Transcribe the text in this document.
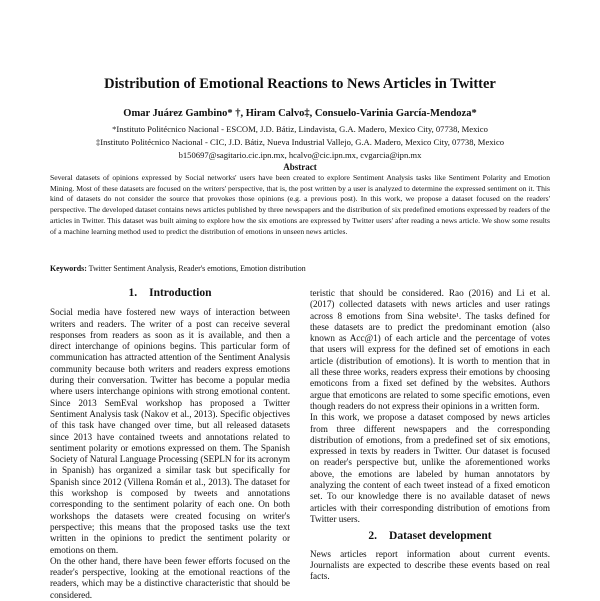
Distribution of Emotional Reactions to News Articles in Twitter
Omar Juárez Gambino* †, Hiram Calvo‡, Consuelo-Varinia García-Mendoza*
*Instituto Politécnico Nacional - ESCOM, J.D. Bátiz, Lindavista, G.A. Madero, Mexico City, 07738, Mexico
‡Instituto Politécnico Nacional - CIC, J.D. Bátiz, Nueva Industrial Vallejo, G.A. Madero, Mexico City, 07738, Mexico
b150697@sagitario.cic.ipn.mx, hcalvo@cic.ipn.mx, cvgarcia@ipn.mx
Abstract
Several datasets of opinions expressed by Social networks' users have been created to explore Sentiment Analysis tasks like Sentiment Polarity and Emotion Mining. Most of these datasets are focused on the writers' perspective, that is, the post written by a user is analyzed to determine the expressed sentiment on it. This kind of datasets do not consider the source that provokes those opinions (e.g. a previous post). In this work, we propose a dataset focused on the readers' perspective. The developed dataset contains news articles published by three newspapers and the distribution of six predefined emotions expressed by readers of the articles in Twitter. This dataset was built aiming to explore how the six emotions are expressed by Twitter users' after reading a news article. We show some results of a machine learning method used to predict the distribution of emotions in unseen news articles.
Keywords: Twitter Sentiment Analysis, Reader's emotions, Emotion distribution
1. Introduction

Social media have fostered new ways of interaction between writers and readers. The writer of a post can receive several responses from readers as soon as it is available, and then a direct interchange of opinions begins. This particular form of communication has attracted attention of the Sentiment Analysis community because both writers and readers express emotions during their conversation. Twitter has become a popular media where users interchange opinions with strong emotional content. Since 2013 SemEval workshop has proposed a Twitter Sentiment Analysis task (Nakov et al., 2013). Specific objectives of this task have changed over time, but all released datasets since 2013 have contained tweets and annotations related to sentiment polarity or emotions expressed on them. The Spanish Society of Natural Language Processing (SEPLN for its acronym in Spanish) has organized a similar task but specifically for Spanish since 2012 (Villena Román et al., 2013). The dataset for this workshop is composed by tweets and annotations corresponding to the sentiment polarity of each one. On both workshops the datasets were created focusing on writer's perspective; this means that the proposed tasks use the text written in the opinions to predict the sentiment polarity or emotions on them.

On the other hand, there have been fewer efforts focused on the reader's perspective, looking at the emotional reactions of the readers, which may be a distinctive characteristic that should be considered.

teristic that should be considered. Rao (2016) and Li et al. (2017) collected datasets with news articles and user ratings across 8 emotions from Sina website¹. The tasks defined for these datasets are to predict the predominant emotion (also known as Acc@1) of each article and the percentage of votes that users will express for the defined set of emotions in each article (distribution of emotions). It is worth to mention that in all these three works, readers express their emotions by choosing emoticons from a fixed set defined by the websites. Authors argue that emoticons are related to some specific emotions, even though readers do not express their opinions in a written form.

In this work, we propose a dataset composed by news articles from three different newspapers and the corresponding distribution of emotions, from a predefined set of six emotions, expressed in texts by readers in Twitter. Our dataset is focused on reader's perspective but, unlike the aforementioned works above, the emotions are labeled by human annotators by analyzing the content of each tweet instead of a fixed emoticon set. To our knowledge there is no available dataset of news articles with their corresponding distribution of emotions from Twitter users.

2. Dataset development

News articles report information about current events. Journalists are expected to describe these events based on real facts.
